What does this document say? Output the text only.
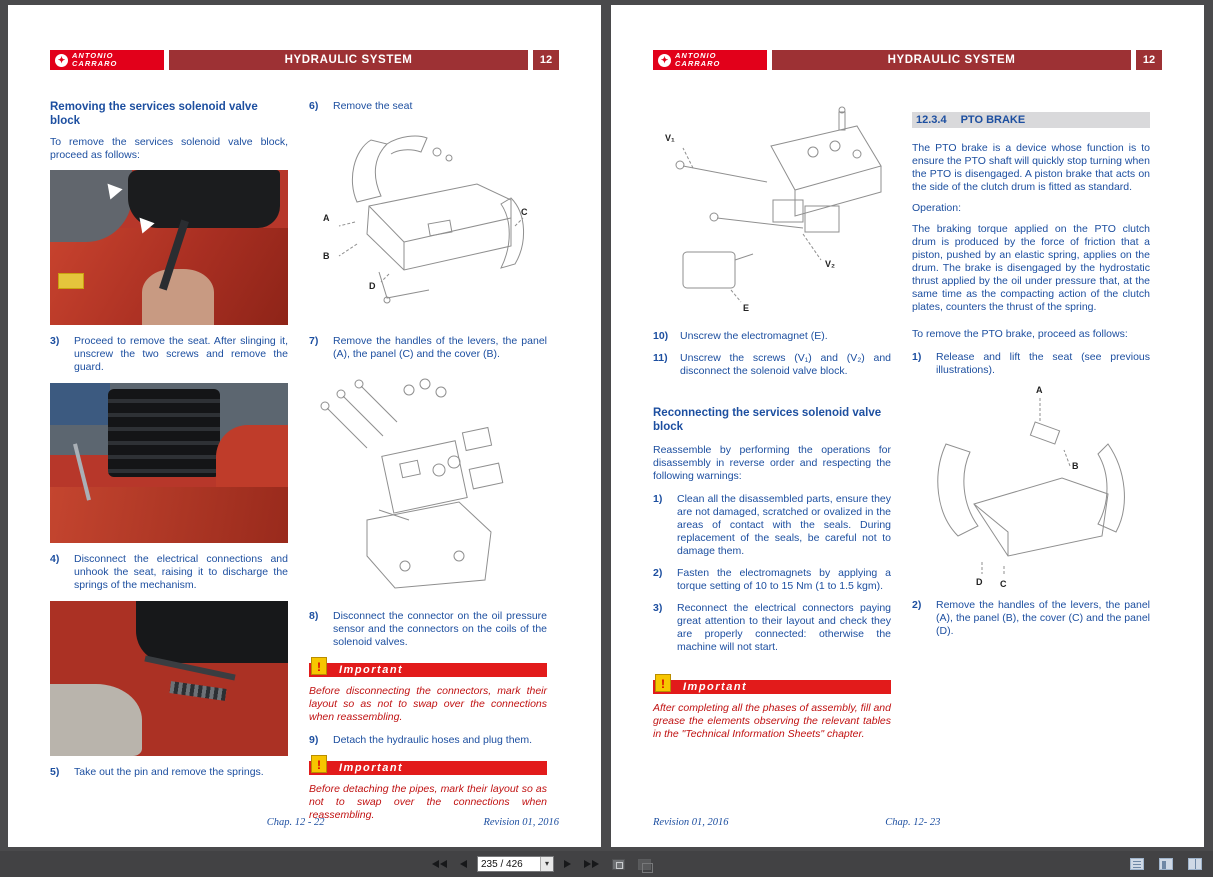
✦ ANTONIO
CARRARO	HYDRAULIC SYSTEM	12
Removing the services solenoid valve block

To remove the services solenoid valve block, proceed as follows:

3)	Proceed to remove the seat. After slinging it, unscrew the two screws and remove the guard.
4)	Disconnect the electrical connections and unhook the seat, raising it to discharge the springs of the mechanism.
5)	Take out the pin and remove the springs.
6)	Remove the seat
A
B
C
D
7)	Remove the handles of the levers, the panel (A), the panel (C) and the cover (B).
8)	Disconnect the connector on the oil pressure sensor and the connectors on the coils of the solenoid valves.
!	Important

Before disconnecting the connectors, mark their layout so as not to swap over the connections when reassembling.

9)	Detach the hydraulic hoses and plug them.
!	Important

Before detaching the pipes, mark their layout so as not to swap over the connections when reassembling.

Chap. 12 - 22	Revision 01, 2016
✦ ANTONIO
CARRARO	HYDRAULIC SYSTEM	12
V₁
V₂
E
10)	Unscrew the electromagnet (E).
11)	Unscrew the screws (V₁) and (V₂) and disconnect the solenoid valve block.
Reconnecting the services solenoid valve block

Reassemble by performing the operations for disassembly in reverse order and respecting the following warnings:

1)	Clean all the disassembled parts, ensure they are not damaged, scratched or ovalized in the areas of contact with the seals. During replacement of the seals, be careful not to damage them.
2)	Fasten the electromagnets by applying a torque setting of 10 to 15 Nm (1 to 1.5 kgm).
3)	Reconnect the electrical connectors paying great attention to their layout and check they are properly connected: otherwise the machine will not start.
!	Important

After completing all the phases of assembly, fill and grease the elements observing the relevant tables in the "Technical Information Sheets" chapter.

12.3.4 PTO BRAKE

The PTO brake is a device whose function is to ensure the PTO shaft will quickly stop turning when the PTO is disengaged. A piston brake that acts on the side of the clutch drum is fitted as standard.

Operation:

The braking torque applied on the PTO clutch drum is produced by the force of friction that a piston, pushed by an elastic spring, applies on the drum. The brake is disengaged by the hydrostatic thrust applied by the oil under pressure that, at the same time as the compacting action of the clutch plates, counters the thrust of the spring.

To remove the PTO brake, proceed as follows:

1)	Release and lift the seat (see previous illustrations).
A
B
D C
2)	Remove the handles of the levers, the panel (A), the panel (B), the cover (C) and the panel (D).
Revision 01, 2016	Chap. 12- 23
235 / 426
▾
